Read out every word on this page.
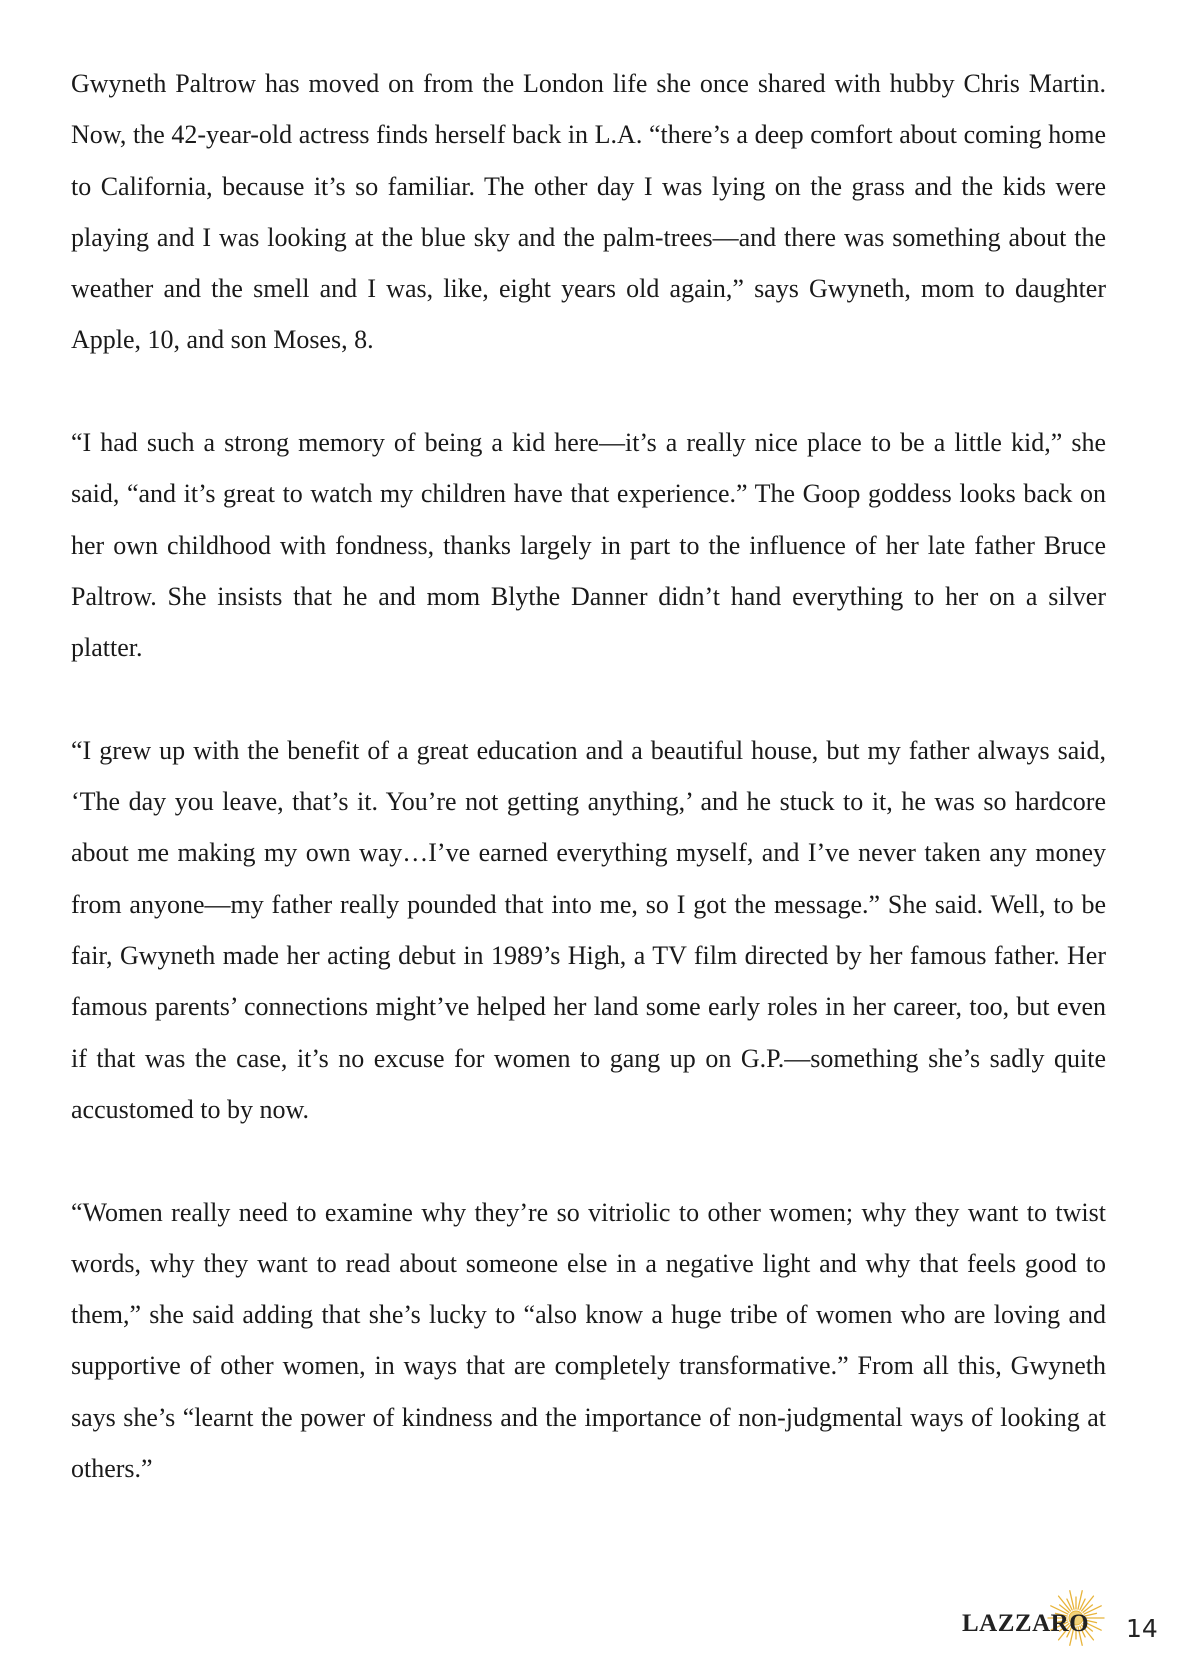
Gwyneth Paltrow has moved on from the London life she once shared with hubby Chris Martin. Now, the 42-year-old actress finds herself back in L.A. “there’s a deep comfort about coming home to California, because it’s so familiar. The other day I was lying on the grass and the kids were playing and I was looking at the blue sky and the palm-trees—and there was something about the weather and the smell and I was, like, eight years old again,” says Gwyneth, mom to daughter Apple, 10, and son Moses, 8.

“I had such a strong memory of being a kid here—it’s a really nice place to be a little kid,” she said, “and it’s great to watch my children have that experience.” The Goop goddess looks back on her own childhood with fondness, thanks largely in part to the influence of her late father Bruce Paltrow. She insists that he and mom Blythe Danner didn’t hand everything to her on a silver platter.

“I grew up with the benefit of a great education and a beautiful house, but my father always said, ‘The day you leave, that’s it. You’re not getting anything,’ and he stuck to it, he was so hardcore about me making my own way…I’ve earned everything myself, and I’ve never taken any money from anyone—my father really pounded that into me, so I got the message.” She said. Well, to be fair, Gwyneth made her acting debut in 1989’s High, a TV film directed by her famous father. Her famous parents’ connections might’ve helped her land some early roles in her career, too, but even if that was the case, it’s no excuse for women to gang up on G.P.—something she’s sadly quite accustomed to by now.

“Women really need to examine why they’re so vitriolic to other women; why they want to twist words, why they want to read about someone else in a negative light and why that feels good to them,” she said adding that she’s lucky to “also know a huge tribe of women who are loving and supportive of other women, in ways that are completely transformative.” From all this, Gwyneth says she’s “learnt the power of kindness and the importance of non-judgmental ways of looking at others.”

LAZZARO 14
